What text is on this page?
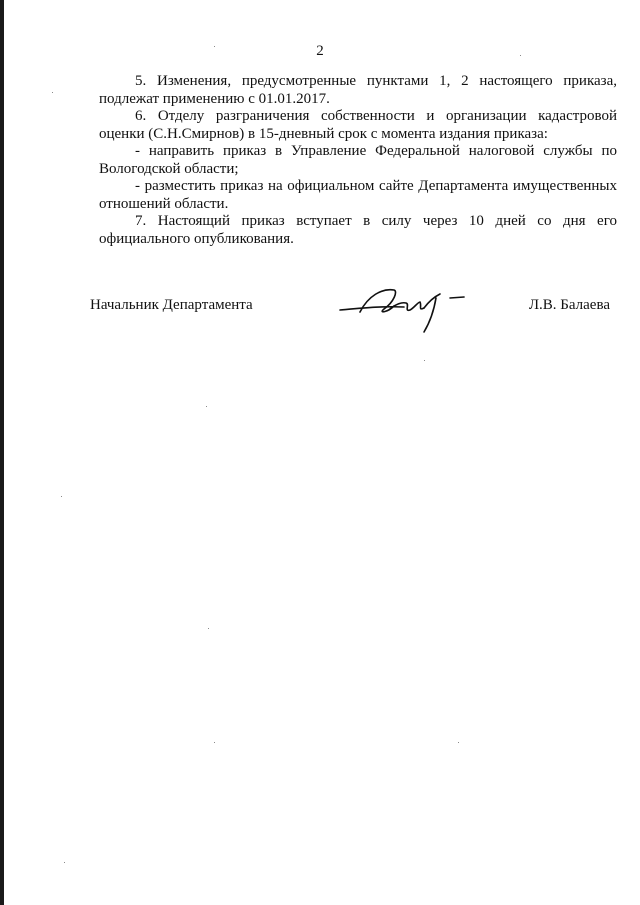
2

5. Изменения, предусмотренные пунктами 1, 2 настоящего приказа, подлежат применению с 01.01.2017.

6. Отделу разграничения собственности и организации кадастровой оценки (С.Н.Смирнов) в 15-дневный срок с момента издания приказа:

- направить приказ в Управление Федеральной налоговой службы по Вологодской области;

- разместить приказ на официальном сайте Департамента имущественных отношений области.

7. Настоящий приказ вступает в силу через 10 дней со дня его официального опубликования.

Начальник Департамента	Л.В. Балаева
